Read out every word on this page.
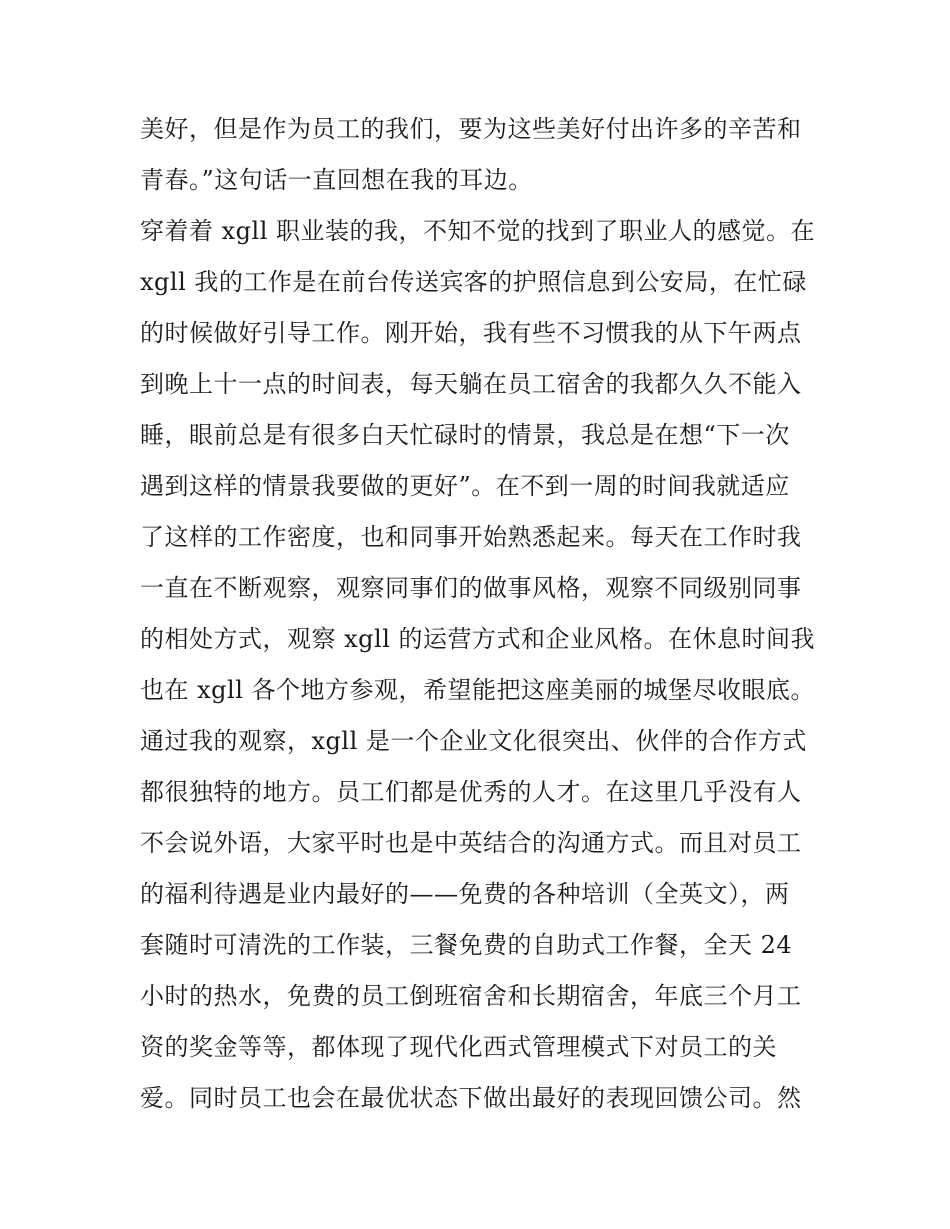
美好，但是作为员工的我们，要为这些美好付出许多的辛苦和
青春。”这句话一直回想在我的耳边。
穿着着 xgll 职业装的我，不知不觉的找到了职业人的感觉。在
xgll 我的工作是在前台传送宾客的护照信息到公安局，在忙碌
的时候做好引导工作。刚开始，我有些不习惯我的从下午两点
到晚上十一点的时间表，每天躺在员工宿舍的我都久久不能入
睡，眼前总是有很多白天忙碌时的情景，我总是在想“下一次
遇到这样的情景我要做的更好”。在不到一周的时间我就适应
了这样的工作密度，也和同事开始熟悉起来。每天在工作时我
一直在不断观察，观察同事们的做事风格，观察不同级别同事
的相处方式，观察 xgll 的运营方式和企业风格。在休息时间我
也在 xgll 各个地方参观，希望能把这座美丽的城堡尽收眼底。
通过我的观察，xgll 是一个企业文化很突出、伙伴的合作方式
都很独特的地方。员工们都是优秀的人才。在这里几乎没有人
不会说外语，大家平时也是中英结合的沟通方式。而且对员工
的福利待遇是业内最好的——免费的各种培训（全英文），两
套随时可清洗的工作装，三餐免费的自助式工作餐，全天 24
小时的热水，免费的员工倒班宿舍和长期宿舍，年底三个月工
资的奖金等等，都体现了现代化西式管理模式下对员工的关
爱。同时员工也会在最优状态下做出最好的表现回馈公司。然
